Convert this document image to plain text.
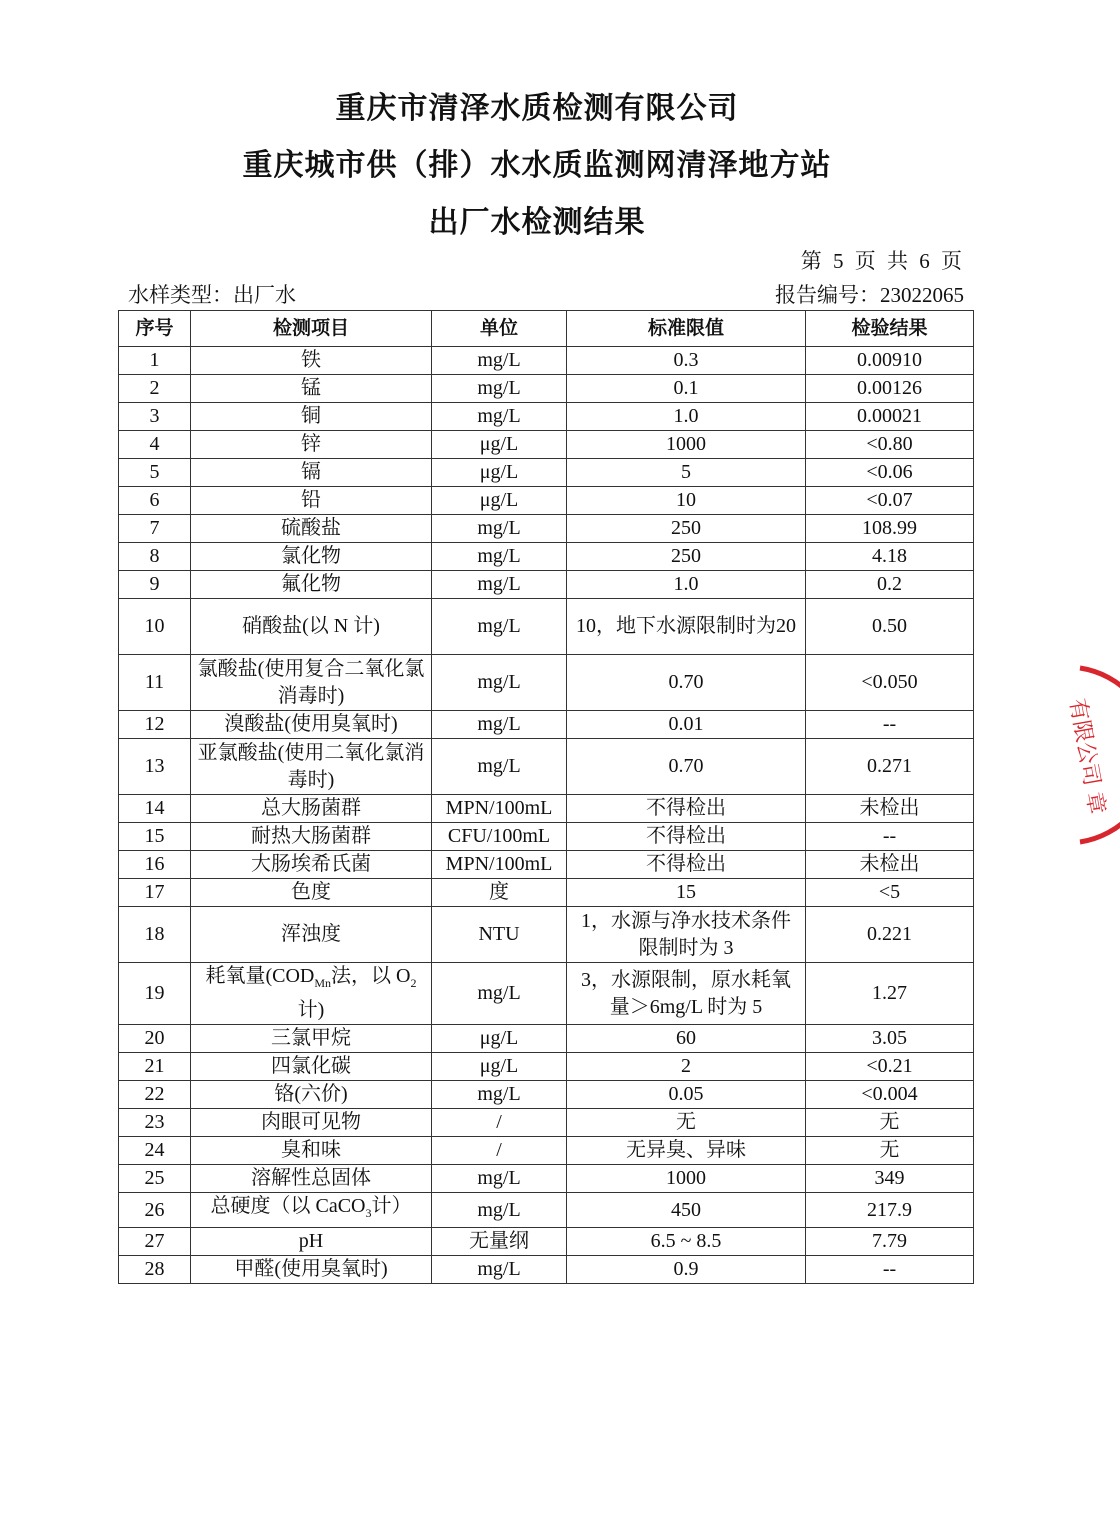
重庆市清泽水质检测有限公司
重庆城市供（排）水水质监测网清泽地方站
出厂水检测结果
第 5 页 共 6 页
水样类型：出厂水	报告编号：23022065
序号	检测项目	单位	标准限值	检验结果
1	铁	mg/L	0.3	0.00910
2	锰	mg/L	0.1	0.00126
3	铜	mg/L	1.0	0.00021
4	锌	μg/L	1000	<0.80
5	镉	μg/L	5	<0.06
6	铅	μg/L	10	<0.07
7	硫酸盐	mg/L	250	108.99
8	氯化物	mg/L	250	4.18
9	氟化物	mg/L	1.0	0.2
10	硝酸盐(以 N 计)	mg/L	10，地下水源限制时为20	0.50
11	氯酸盐(使用复合二氧化氯消毒时)	mg/L	0.70	<0.050
12	溴酸盐(使用臭氧时)	mg/L	0.01	--
13	亚氯酸盐(使用二氧化氯消毒时)	mg/L	0.70	0.271
14	总大肠菌群	MPN/100mL	不得检出	未检出
15	耐热大肠菌群	CFU/100mL	不得检出	--
16	大肠埃希氏菌	MPN/100mL	不得检出	未检出
17	色度	度	15	<5
18	浑浊度	NTU	1，水源与净水技术条件限制时为 3	0.221
19	耗氧量($COD_{Mn}$法，以 $O_2$计)	mg/L	3，水源限制，原水耗氧量＞6mg/L 时为 5	1.27
20	三氯甲烷	μg/L	60	3.05
21	四氯化碳	μg/L	2	<0.21
22	铬(六价)	mg/L	0.05	<0.004
23	肉眼可见物	/	无	无
24	臭和味	/	无异臭、异味	无
25	溶解性总固体	mg/L	1000	349
26	总硬度（以 CaCO$_3$计）	mg/L	450	217.9
27	pH	无量纲	6.5 ~ 8.5	7.79
28	甲醛(使用臭氧时)	mg/L	0.9	--
有限公司 章
